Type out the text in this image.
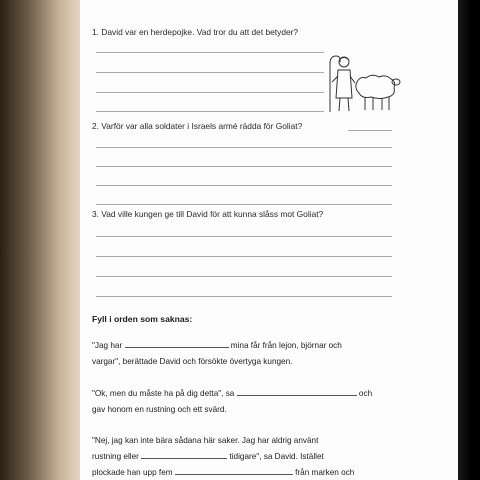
1. David var en herdepojke. Vad tror du att det betyder?
2. Varför var alla soldater i Israels armé rädda för Goliat?
3. Vad ville kungen ge till David för att kunna slåss mot Goliat?
Fyll i orden som saknas:
"Jag har	mina får från lejon, björnar och
vargar", berättade David och försökte övertyga kungen.
"Ok, men du måste ha på dig detta", sa	och
gav honom en rustning och ett svärd.
"Nej, jag kan inte bära sådana här saker. Jag har aldrig använt
rustning eller	tidigare", sa David. Istället
plockade han upp fem	från marken och
